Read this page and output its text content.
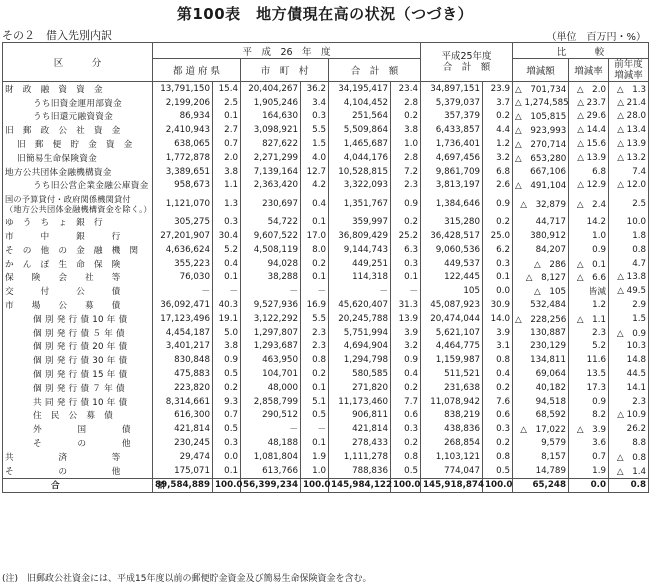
第100表　地方債現在高の状況（つづき）
その２　借入先別内訳	（単位　百万円・%）
区　　　分	平　成　26　年　度						平成25年度
合　計　額		比　　　較		
	都 道 府 県		市　町　村		合　計　額				増減額	増減率	前年度
増減率
財　政　融　資　資　金	13,791,150	15.4	20,404,267	36.2	34,195,417	23.4	34,897,151	23.9	△　701,734	△　2.0	△　1.3
うち旧資金運用部資金	2,199,206	2.5	1,905,246	3.4	4,104,452	2.8	5,379,037	3.7	△ 1,274,585	△ 23.7	△ 21.4
うち旧還元融資資金	86,934	0.1	164,630	0.3	251,564	0.2	357,379	0.2	△　105,815	△ 29.6	△ 28.0
旧　郵　政　公　社　資　金	2,410,943	2.7	3,098,921	5.5	5,509,864	3.8	6,433,857	4.4	△　923,993	△ 14.4	△ 13.4
旧　郵　便　貯　金　資　金	638,065	0.7	827,622	1.5	1,465,687	1.0	1,736,401	1.2	△　270,714	△ 15.6	△ 13.9
旧簡易生命保険資金	1,772,878	2.0	2,271,299	4.0	4,044,176	2.8	4,697,456	3.2	△　653,280	△ 13.9	△ 13.2
地方公共団体金融機構資金	3,389,651	3.8	7,139,164	12.7	10,528,815	7.2	9,861,709	6.8	667,106	6.8	7.4
うち旧公営企業金融公庫資金	958,673	1.1	2,363,420	4.2	3,322,093	2.3	3,813,197	2.6	△　491,104	△ 12.9	△ 12.0
国の予算貸付・政府関係機関貸付
（地方公共団体金融機構資金を除く。）	1,121,070	1.3	230,697	0.4	1,351,767	0.9	1,384,646	0.9	△　32,879	△　2.4	2.5
ゆ　う　ち　ょ　銀　行	305,275	0.3	54,722	0.1	359,997	0.2	315,280	0.2	44,717	14.2	10.0
市　　　中　　　銀　　　行	27,201,907	30.4	9,607,522	17.0	36,809,429	25.2	36,428,517	25.0	380,912	1.0	1.8
そ　の　他　の　金　融　機　関	4,636,624	5.2	4,508,119	8.0	9,144,743	6.3	9,060,536	6.2	84,207	0.9	0.8
か　ん　ぽ　生　命　保　険	355,223	0.4	94,028	0.2	449,251	0.3	449,537	0.3	△　286	△　0.1	4.7
保　　険　　会　　社　　等	76,030	0.1	38,288	0.1	114,318	0.1	122,445	0.1	△　8,127	△　6.6	△ 13.8
交　　　付　　　公　　　債	－	－	－	－	－	－	105	0.0	△　105	皆減	△ 49.5
市　　場　　公　　募　　債	36,092,471	40.3	9,527,936	16.9	45,620,407	31.3	45,087,923	30.9	532,484	1.2	2.9
個 別 発 行 債 10 年 債	17,123,496	19.1	3,122,292	5.5	20,245,788	13.9	20,474,044	14.0	△　228,256	△　1.1	1.5
個 別 発 行 債 ５ 年 債	4,454,187	5.0	1,297,807	2.3	5,751,994	3.9	5,621,107	3.9	130,887	2.3	△　0.9
個 別 発 行 債 20 年 債	3,401,217	3.8	1,293,687	2.3	4,694,904	3.2	4,464,775	3.1	230,129	5.2	10.3
個 別 発 行 債 30 年 債	830,848	0.9	463,950	0.8	1,294,798	0.9	1,159,987	0.8	134,811	11.6	14.8
個 別 発 行 債 15 年 債	475,883	0.5	104,701	0.2	580,585	0.4	511,521	0.4	69,064	13.5	44.5
個 別 発 行 債 ７ 年 債	223,820	0.2	48,000	0.1	271,820	0.2	231,638	0.2	40,182	17.3	14.1
共 同 発 行 債 10 年 債	8,314,661	9.3	2,858,799	5.1	11,173,460	7.7	11,078,942	7.6	94,518	0.9	2.3
住　民　公　募　債	616,300	0.7	290,512	0.5	906,811	0.6	838,219	0.6	68,592	8.2	△ 10.9
外　　　　国　　　　債	421,814	0.5	－	－	421,814	0.3	438,836	0.3	△　17,022	△　3.9	26.2
そ　　　　の　　　　他	230,245	0.3	48,188	0.1	278,433	0.2	268,854	0.2	9,579	3.6	8.8
共　　　　　済　　　　　等	29,474	0.0	1,081,804	1.9	1,111,278	0.8	1,103,121	0.8	8,157	0.7	△　0.8
そ　　　　　の　　　　　他	175,071	0.1	613,766	1.0	788,836	0.5	774,047	0.5	14,789	1.9	△　1.4
合　　　　　　　　　　　計	89,584,889	100.0	56,399,234	100.0	145,984,122	100.0	145,918,874	100.0	65,248	0.0	0.8
(注)　旧郵政公社資金には、平成15年度以前の郵便貯金資金及び簡易生命保険資金を含む。
